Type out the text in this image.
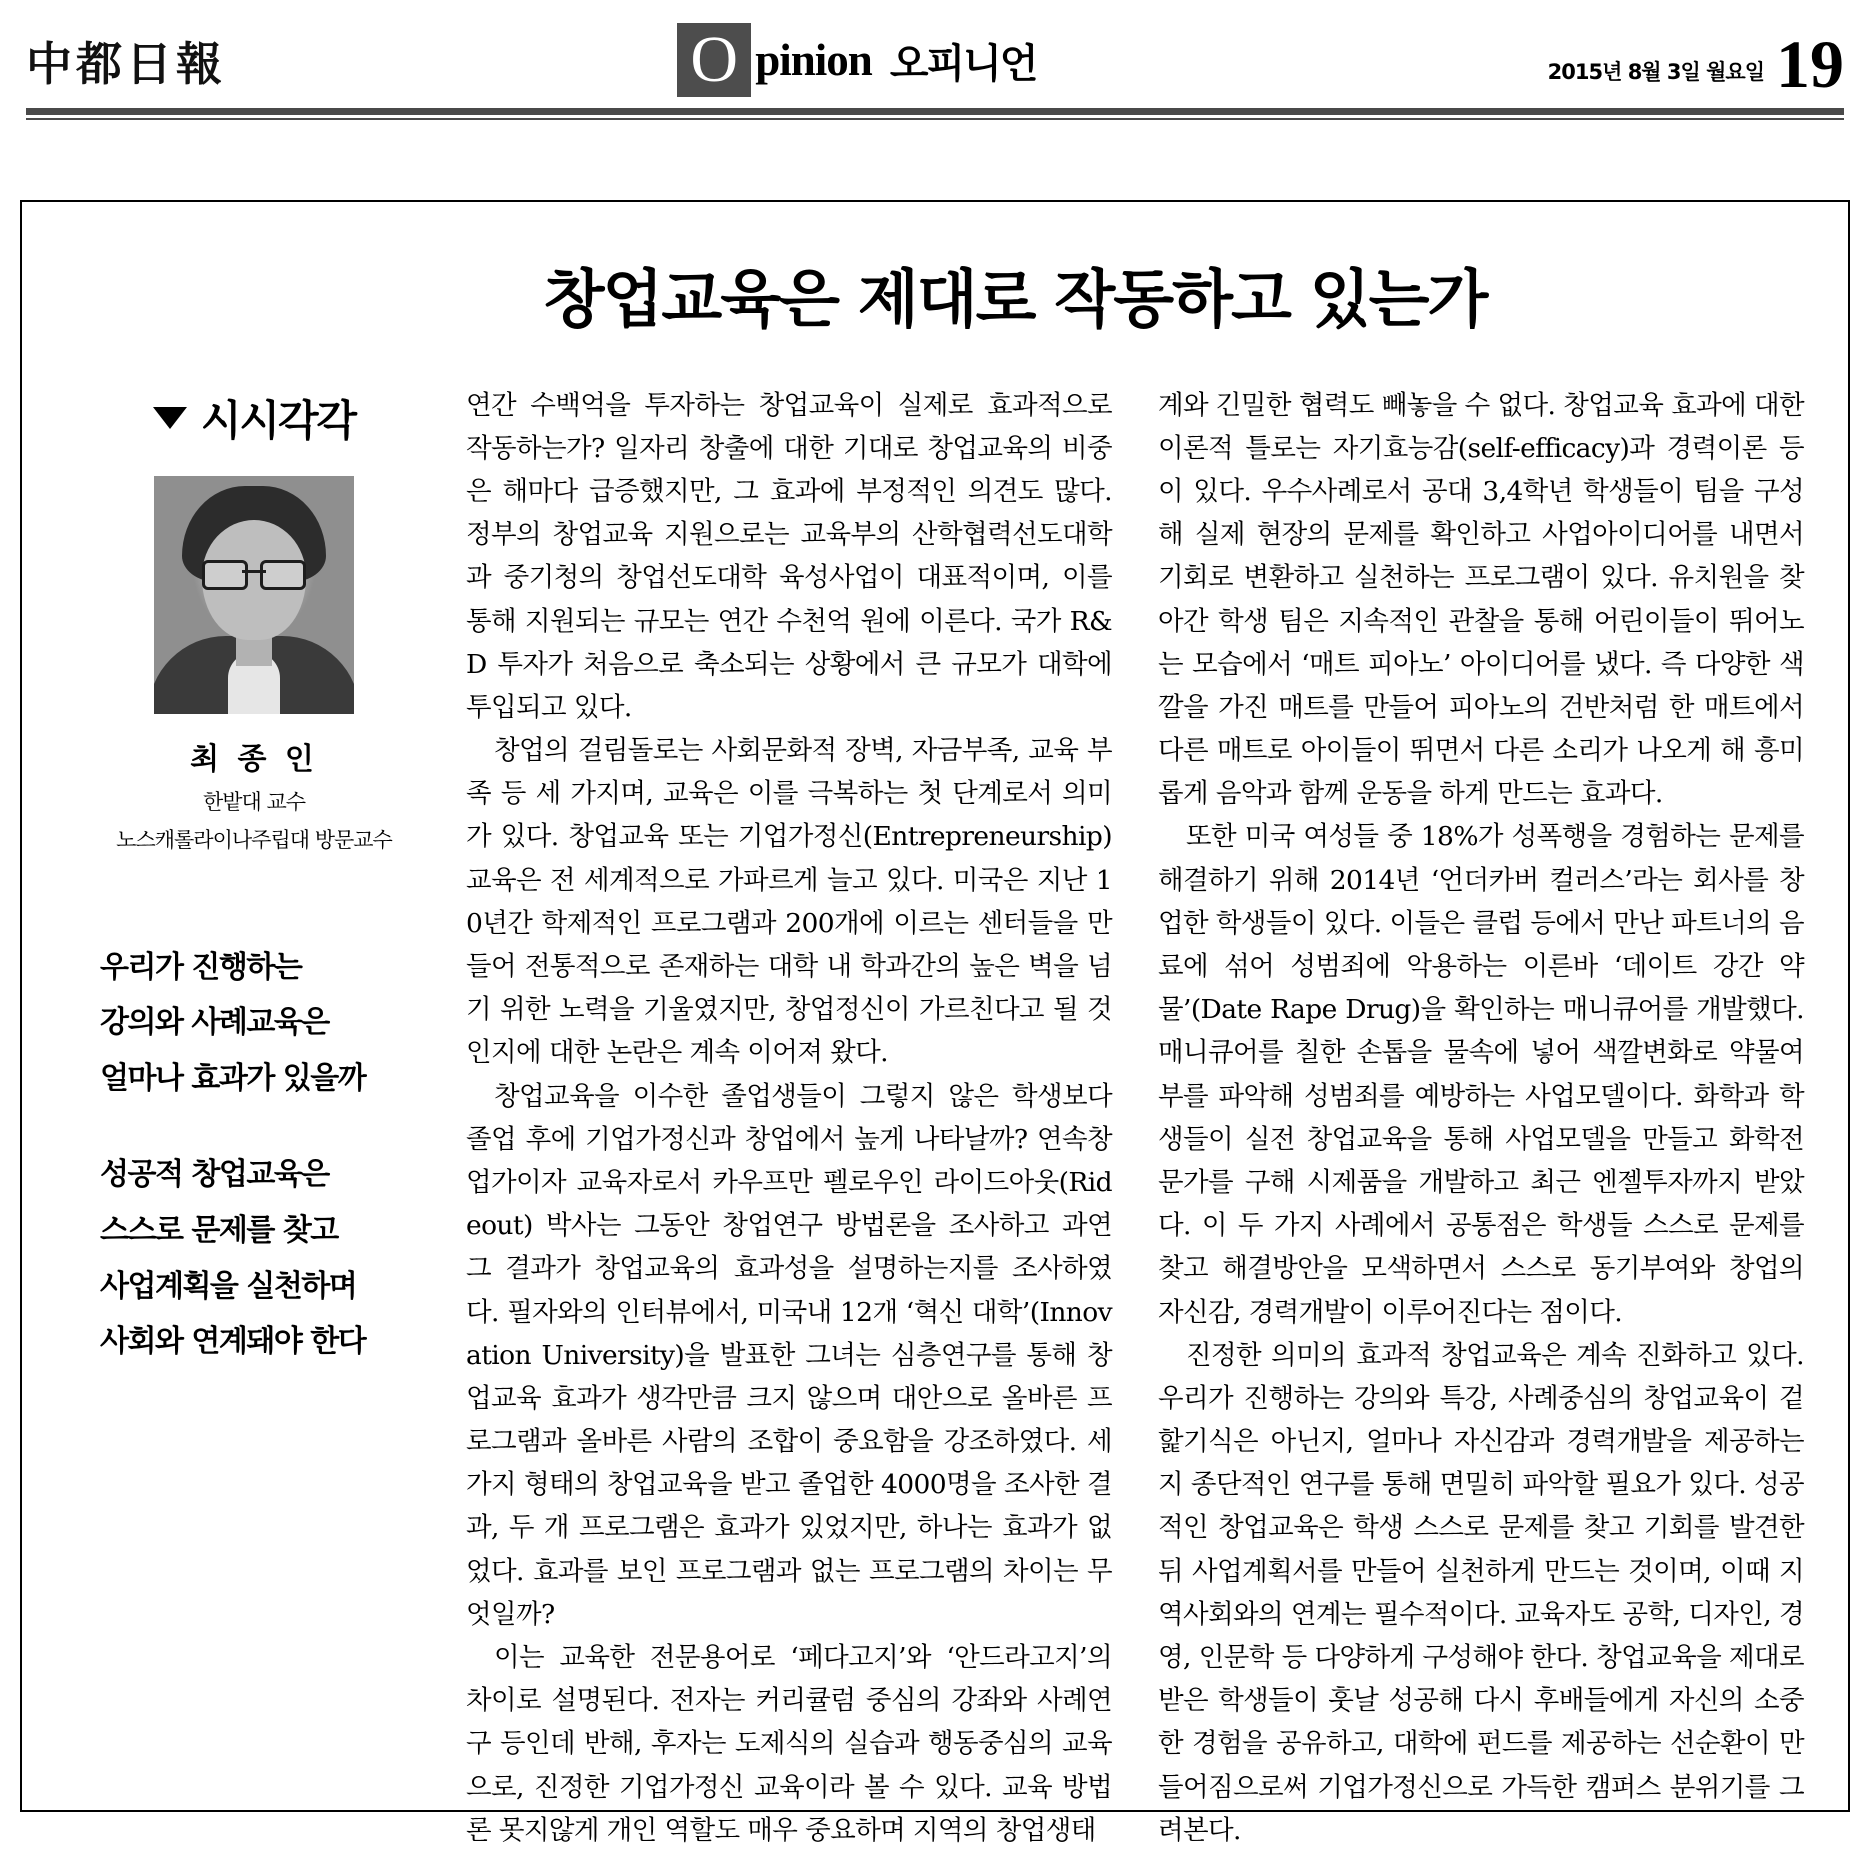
中都日報	O pinion 오피니언	2015년 8월 3일 월요일 19
창업교육은 제대로 작동하고 있는가
시시각각
최 종 인
한밭대 교수
노스캐롤라이나주립대 방문교수
우리가 진행하는
강의와 사례교육은
얼마나 효과가 있을까
성공적 창업교육은
스스로 문제를 찾고
사업계획을 실천하며
사회와 연계돼야 한다

연간 수백억을 투자하는 창업교육이 실제로 효과적으로 작동하는가? 일자리 창출에 대한 기대로 창업교육의 비중은 해마다 급증했지만, 그 효과에 부정적인 의견도 많다. 정부의 창업교육 지원으로는 교육부의 산학협력선도대학과 중기청의 창업선도대학 육성사업이 대표적이며, 이를 통해 지원되는 규모는 연간 수천억 원에 이른다. 국가 R&D 투자가 처음으로 축소되는 상황에서 큰 규모가 대학에 투입되고 있다.

창업의 걸림돌로는 사회문화적 장벽, 자금부족, 교육 부족 등 세 가지며, 교육은 이를 극복하는 첫 단계로서 의미가 있다. 창업교육 또는 기업가정신(Entrepreneurship) 교육은 전 세계적으로 가파르게 늘고 있다. 미국은 지난 10년간 학제적인 프로그램과 200개에 이르는 센터들을 만들어 전통적으로 존재하는 대학 내 학과간의 높은 벽을 넘기 위한 노력을 기울였지만, 창업정신이 가르친다고 될 것인지에 대한 논란은 계속 이어져 왔다.

창업교육을 이수한 졸업생들이 그렇지 않은 학생보다 졸업 후에 기업가정신과 창업에서 높게 나타날까? 연속창업가이자 교육자로서 카우프만 펠로우인 라이드아웃(Rideout) 박사는 그동안 창업연구 방법론을 조사하고 과연 그 결과가 창업교육의 효과성을 설명하는지를 조사하였다. 필자와의 인터뷰에서, 미국내 12개 ‘혁신 대학’(Innovation University)을 발표한 그녀는 심층연구를 통해 창업교육 효과가 생각만큼 크지 않으며 대안으로 올바른 프로그램과 올바른 사람의 조합이 중요함을 강조하였다. 세 가지 형태의 창업교육을 받고 졸업한 4000명을 조사한 결과, 두 개 프로그램은 효과가 있었지만, 하나는 효과가 없었다. 효과를 보인 프로그램과 없는 프로그램의 차이는 무엇일까?

이는 교육한 전문용어로 ‘페다고지’와 ‘안드라고지’의 차이로 설명된다. 전자는 커리큘럼 중심의 강좌와 사례연구 등인데 반해, 후자는 도제식의 실습과 행동중심의 교육으로, 진정한 기업가정신 교육이라 볼 수 있다. 교육 방법론 못지않게 개인 역할도 매우 중요하며 지역의 창업생태

계와 긴밀한 협력도 빼놓을 수 없다. 창업교육 효과에 대한 이론적 틀로는 자기효능감(self-efficacy)과 경력이론 등이 있다. 우수사례로서 공대 3,4학년 학생들이 팀을 구성해 실제 현장의 문제를 확인하고 사업아이디어를 내면서 기회로 변환하고 실천하는 프로그램이 있다. 유치원을 찾아간 학생 팀은 지속적인 관찰을 통해 어린이들이 뛰어노는 모습에서 ‘매트 피아노’ 아이디어를 냈다. 즉 다양한 색깔을 가진 매트를 만들어 피아노의 건반처럼 한 매트에서 다른 매트로 아이들이 뛰면서 다른 소리가 나오게 해 흥미롭게 음악과 함께 운동을 하게 만드는 효과다.

또한 미국 여성들 중 18%가 성폭행을 경험하는 문제를 해결하기 위해 2014년 ‘언더카버 컬러스’라는 회사를 창업한 학생들이 있다. 이들은 클럽 등에서 만난 파트너의 음료에 섞어 성범죄에 악용하는 이른바 ‘데이트 강간 약물’(Date Rape Drug)을 확인하는 매니큐어를 개발했다. 매니큐어를 칠한 손톱을 물속에 넣어 색깔변화로 약물여부를 파악해 성범죄를 예방하는 사업모델이다. 화학과 학생들이 실전 창업교육을 통해 사업모델을 만들고 화학전문가를 구해 시제품을 개발하고 최근 엔젤투자까지 받았다. 이 두 가지 사례에서 공통점은 학생들 스스로 문제를 찾고 해결방안을 모색하면서 스스로 동기부여와 창업의 자신감, 경력개발이 이루어진다는 점이다.

진정한 의미의 효과적 창업교육은 계속 진화하고 있다. 우리가 진행하는 강의와 특강, 사례중심의 창업교육이 겉핥기식은 아닌지, 얼마나 자신감과 경력개발을 제공하는지 종단적인 연구를 통해 면밀히 파악할 필요가 있다. 성공적인 창업교육은 학생 스스로 문제를 찾고 기회를 발견한 뒤 사업계획서를 만들어 실천하게 만드는 것이며, 이때 지역사회와의 연계는 필수적이다. 교육자도 공학, 디자인, 경영, 인문학 등 다양하게 구성해야 한다. 창업교육을 제대로 받은 학생들이 훗날 성공해 다시 후배들에게 자신의 소중한 경험을 공유하고, 대학에 펀드를 제공하는 선순환이 만들어짐으로써 기업가정신으로 가득한 캠퍼스 분위기를 그려본다.
